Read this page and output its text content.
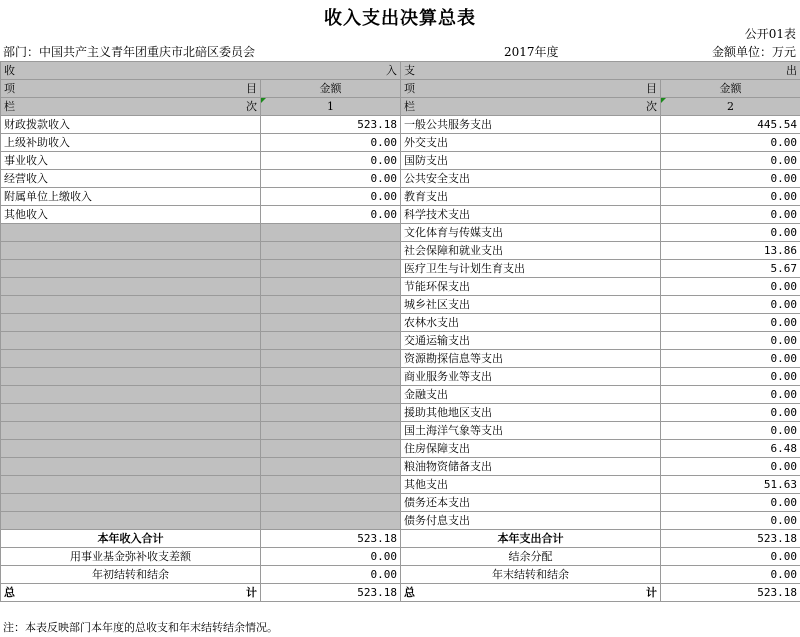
收入支出决算总表
公开01表
部门：中国共产主义青年团重庆市北碚区委员会	2017年度	金额单位：万元
收 入		支 出	
项 目	金额	项 目	金额
栏 次	1	栏 次	2
财政拨款收入	523.18	一般公共服务支出	445.54
上级补助收入	0.00	外交支出	0.00
事业收入	0.00	国防支出	0.00
经营收入	0.00	公共安全支出	0.00
附属单位上缴收入	0.00	教育支出	0.00
其他收入	0.00	科学技术支出	0.00
		文化体育与传媒支出	0.00
		社会保障和就业支出	13.86
		医疗卫生与计划生育支出	5.67
		节能环保支出	0.00
		城乡社区支出	0.00
		农林水支出	0.00
		交通运输支出	0.00
		资源勘探信息等支出	0.00
		商业服务业等支出	0.00
		金融支出	0.00
		援助其他地区支出	0.00
		国土海洋气象等支出	0.00
		住房保障支出	6.48
		粮油物资储备支出	0.00
		其他支出	51.63
		债务还本支出	0.00
		债务付息支出	0.00
本年收入合计	523.18	本年支出合计	523.18
用事业基金弥补收支差额	0.00	结余分配	0.00
年初结转和结余	0.00	年末结转和结余	0.00
总 计	523.18	总 计	523.18
注：本表反映部门本年度的总收支和年末结转结余情况。
